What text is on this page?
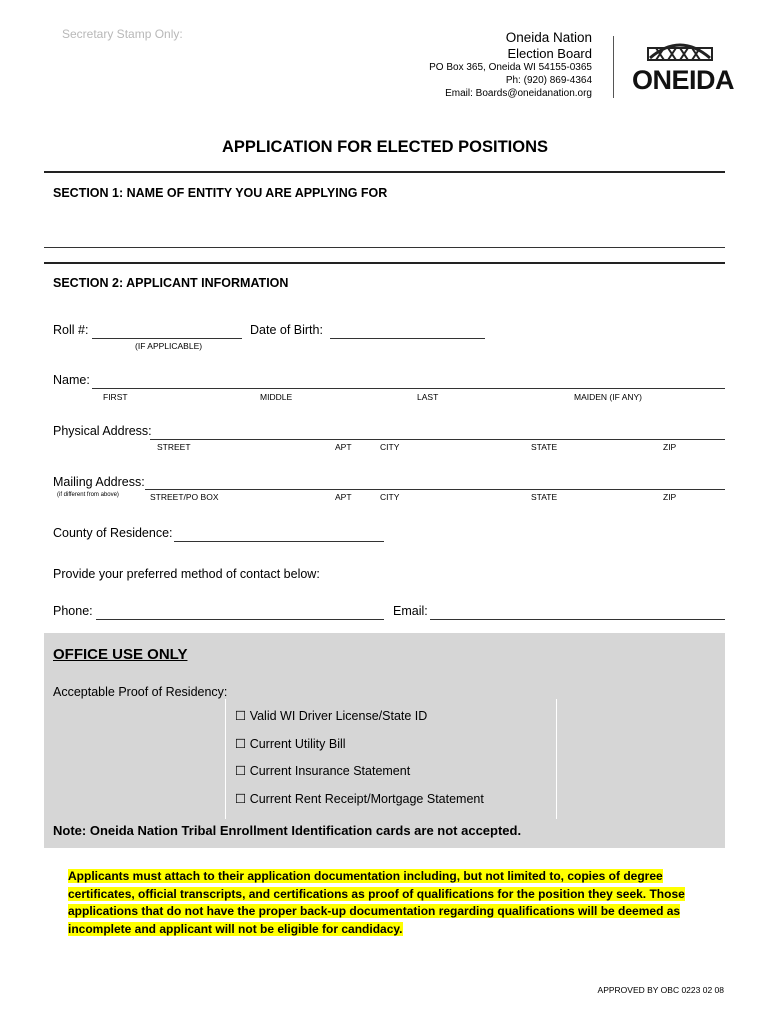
Secretary Stamp Only:	Oneida Nation
Election Board
PO Box 365, Oneida WI 54155-0365
Ph: (920) 869-4364
Email: Boards@oneidanation.org ONEIDA
APPLICATION FOR ELECTED POSITIONS
SECTION 1: NAME OF ENTITY YOU ARE APPLYING FOR
SECTION 2: APPLICANT INFORMATION
Roll #:
(IF APPLICABLE)
Date of Birth:
Name:
FIRST	MIDDLE	LAST	MAIDEN (IF ANY)
Physical Address:
STREET	APT	CITY	STATE	ZIP
Mailing Address:
(if different from above)	STREET/PO BOX	APT	CITY	STATE	ZIP
County of Residence:
Provide your preferred method of contact below:
Phone:	Email:
OFFICE USE ONLY
Acceptable Proof of Residency:
☐ Valid WI Driver License/State ID
☐ Current Utility Bill
☐ Current Insurance Statement
☐ Current Rent Receipt/Mortgage Statement
Note: Oneida Nation Tribal Enrollment Identification cards are not accepted.
Applicants must attach to their application documentation including, but not limited to, copies of degree
certificates, official transcripts, and certifications as proof of qualifications for the position they seek. Those
applications that do not have the proper back-up documentation regarding qualifications will be deemed as
incomplete and applicant will not be eligible for candidacy.
APPROVED BY OBC 0223 02 08
